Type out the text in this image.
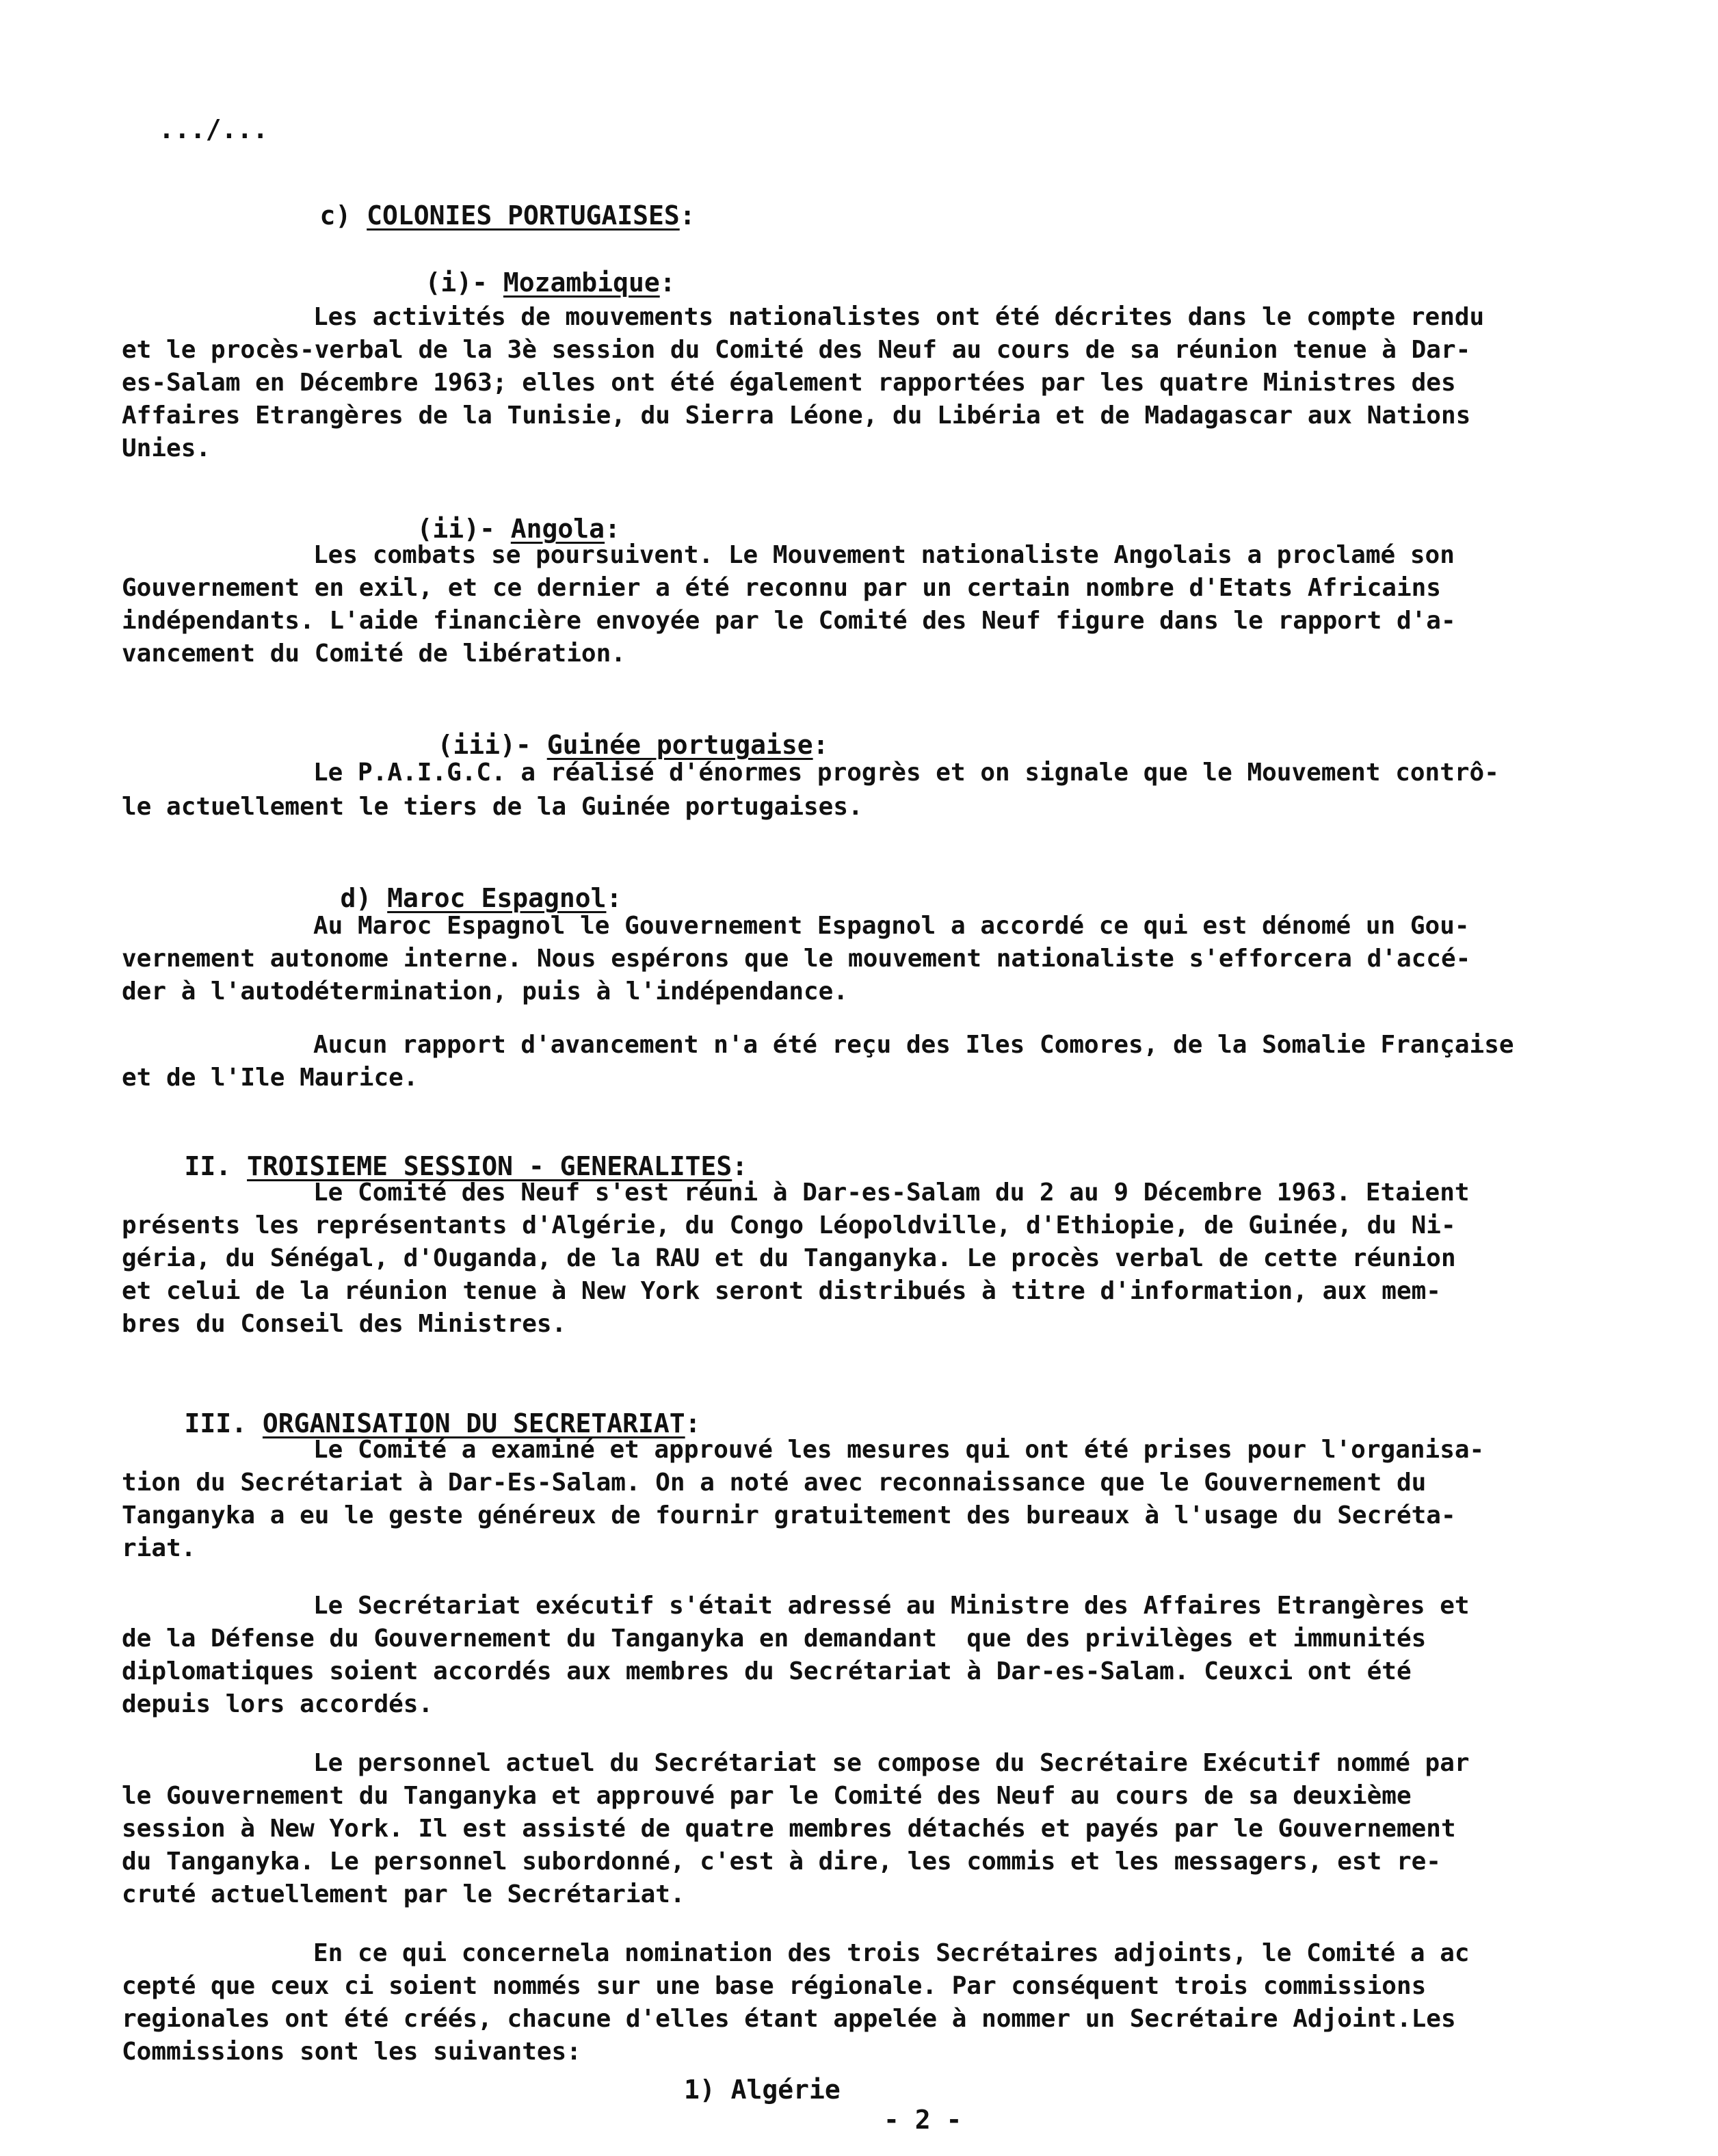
.../...

c) COLONIES PORTUGAISES:

(i)- Mozambique:

Les activités de mouvements nationalistes ont été décrites dans le compte rendu
et le procès-verbal de la 3è session du Comité des Neuf au cours de sa réunion tenue à Dar-
es-Salam en Décembre 1963; elles ont été également rapportées par les quatre Ministres des
Affaires Etrangères de la Tunisie, du Sierra Léone, du Libéria et de Madagascar aux Nations
Unies.

(ii)- Angola:

Les combats se poursuivent. Le Mouvement nationaliste Angolais a proclamé son
Gouvernement en exil, et ce dernier a été reconnu par un certain nombre d'Etats Africains
indépendants. L'aide financière envoyée par le Comité des Neuf figure dans le rapport d'a-
vancement du Comité de libération.

(iii)- Guinée portugaise:

Le P.A.I.G.C. a réalisé d'énormes progrès et on signale que le Mouvement contrô-
le actuellement le tiers de la Guinée portugaises.

d) Maroc Espagnol:

Au Maroc Espagnol le Gouvernement Espagnol a accordé ce qui est dénomé un Gou-
vernement autonome interne. Nous espérons que le mouvement nationaliste s'efforcera d'accé-
der à l'autodétermination, puis à l'indépendance.
Aucun rapport d'avancement n'a été reçu des Iles Comores, de la Somalie Française
et de l'Ile Maurice.

II. TROISIEME SESSION - GENERALITES:

Le Comité des Neuf s'est réuni à Dar-es-Salam du 2 au 9 Décembre 1963. Etaient
présents les représentants d'Algérie, du Congo Léopoldville, d'Ethiopie, de Guinée, du Ni-
géria, du Sénégal, d'Ouganda, de la RAU et du Tanganyka. Le procès verbal de cette réunion
et celui de la réunion tenue à New York seront distribués à titre d'information, aux mem-
bres du Conseil des Ministres.

III. ORGANISATION DU SECRETARIAT:

Le Comité a examiné et approuvé les mesures qui ont été prises pour l'organisa-
tion du Secrétariat à Dar-Es-Salam. On a noté avec reconnaissance que le Gouvernement du
Tanganyka a eu le geste généreux de fournir gratuitement des bureaux à l'usage du Secréta-
riat.
Le Secrétariat exécutif s'était adressé au Ministre des Affaires Etrangères et
de la Défense du Gouvernement du Tanganyka en demandant  que des privilèges et immunités
diplomatiques soient accordés aux membres du Secrétariat à Dar-es-Salam. Ceuxci ont été
depuis lors accordés.
Le personnel actuel du Secrétariat se compose du Secrétaire Exécutif nommé par
le Gouvernement du Tanganyka et approuvé par le Comité des Neuf au cours de sa deuxième
session à New York. Il est assisté de quatre membres détachés et payés par le Gouvernement
du Tanganyka. Le personnel subordonné, c'est à dire, les commis et les messagers, est re-
cruté actuellement par le Secrétariat.
En ce qui concernela nomination des trois Secrétaires adjoints, le Comité a ac
cepté que ceux ci soient nommés sur une base régionale. Par conséquent trois commissions
regionales ont été créés, chacune d'elles étant appelée à nommer un Secrétaire Adjoint.Les
Commissions sont les suivantes:
1) Algérie
- 2 -
